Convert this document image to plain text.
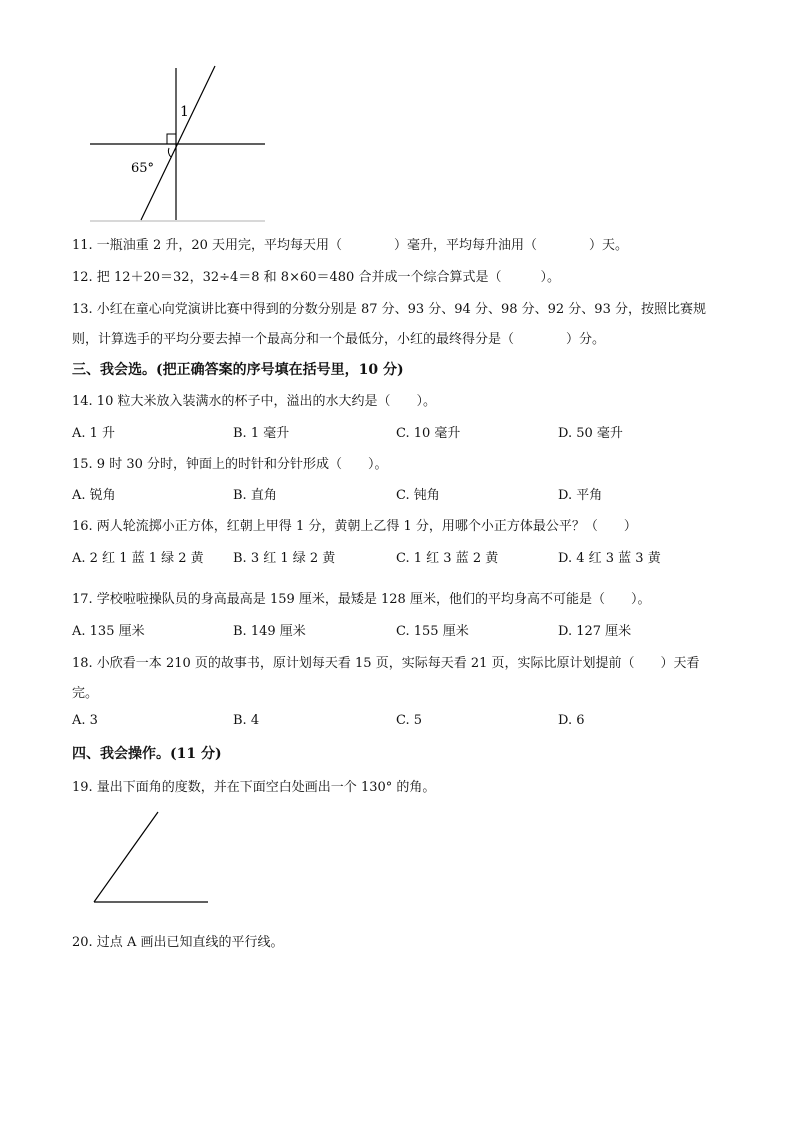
1
65°
11. 一瓶油重 2 升，20 天用完，平均每天用（　　　　）毫升，平均每升油用（　　　　）天。
12. 把 12＋20＝32，32÷4＝8 和 8×60＝480 合并成一个综合算式是（　　　）。
13. 小红在童心向党演讲比赛中得到的分数分别是 87 分、93 分、94 分、98 分、92 分、93 分，按照比赛规
则，计算选手的平均分要去掉一个最高分和一个最低分，小红的最终得分是（　　　　）分。
三、我会选。(把正确答案的序号填在括号里，10 分)
14. 10 粒大米放入装满水的杯子中，溢出的水大约是（　　）。
A. 1 升	B. 1 毫升	C. 10 毫升	D. 50 毫升
15. 9 时 30 分时，钟面上的时针和分针形成（　　）。
A. 锐角	B. 直角	C. 钝角	D. 平角
16. 两人轮流掷小正方体，红朝上甲得 1 分，黄朝上乙得 1 分，用哪个小正方体最公平？（　　）
A. 2 红 1 蓝 1 绿 2 黄 B. 3 红 1 绿 2 黄	C. 1 红 3 蓝 2 黄	D. 4 红 3 蓝 3 黄
17. 学校啦啦操队员的身高最高是 159 厘米，最矮是 128 厘米，他们的平均身高不可能是（　　）。
A. 135 厘米	B. 149 厘米	C. 155 厘米	D. 127 厘米
18. 小欣看一本 210 页的故事书，原计划每天看 15 页，实际每天看 21 页，实际比原计划提前（　　）天看
完。
A. 3	B. 4	C. 5	D. 6
四、我会操作。(11 分)
19. 量出下面角的度数，并在下面空白处画出一个 130° 的角。
20. 过点 A 画出已知直线的平行线。
